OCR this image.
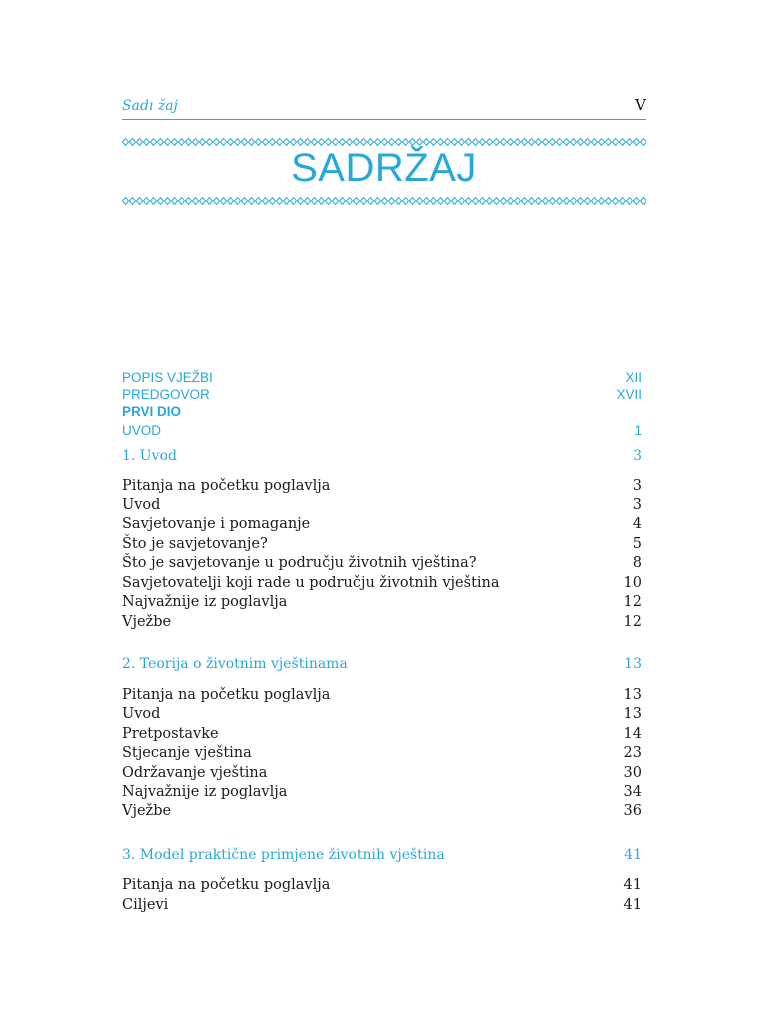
Sadı žaj	V
SADRŽAJ
POPIS VJEŽBI	XII
PREDGOVOR	XVII
PRVI DIO
UVOD	1
1. Uvod	3
Pitanja na početku poglavlja	3
Uvod	3
Savjetovanje i pomaganje	4
Što je savjetovanje?	5
Što je savjetovanje u području životnih vještina?	8
Savjetovatelji koji rade u području životnih vještina	10
Najvažnije iz poglavlja	12
Vježbe	12
2. Teorija o životnim vještinama	13
Pitanja na početku poglavlja	13
Uvod	13
Pretpostavke	14
Stjecanje vještina	23
Održavanje vještina	30
Najvažnije iz poglavlja	34
Vježbe	36
3. Model praktične primjene životnih vještina	41
Pitanja na početku poglavlja	41
Ciljevi	41
